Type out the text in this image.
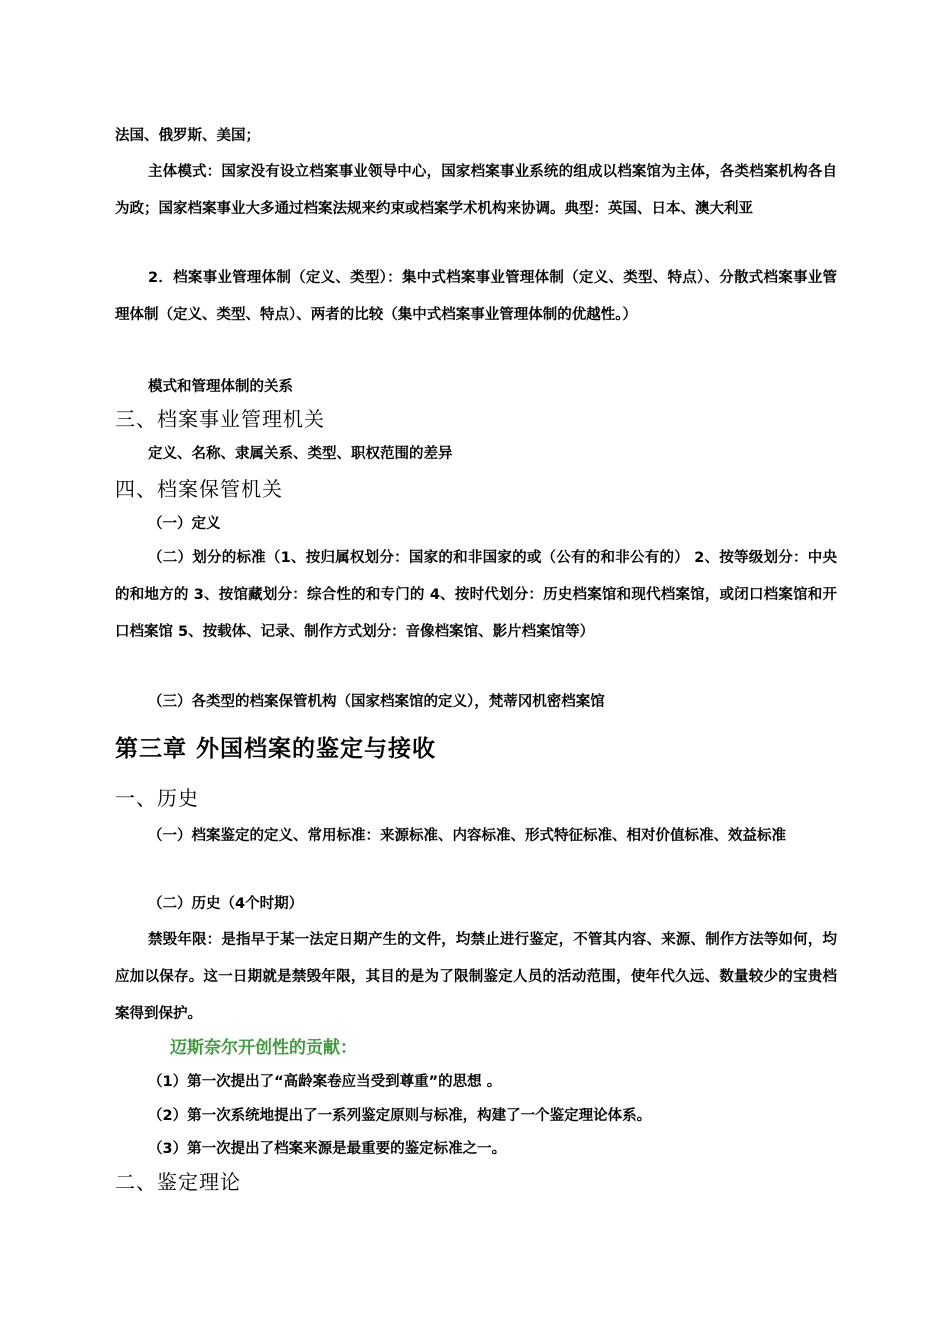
法国、俄罗斯、美国；

主体模式：国家没有设立档案事业领导中心，国家档案事业系统的组成以档案馆为主体，各类档案机构各自为政；国家档案事业大多通过档案法规来约束或档案学术机构来协调。典型：英国、日本、澳大利亚

2．档案事业管理体制（定义、类型）：集中式档案事业管理体制（定义、类型、特点）、分散式档案事业管理体制（定义、类型、特点）、两者的比较（集中式档案事业管理体制的优越性。）

模式和管理体制的关系

三、档案事业管理机关

定义、名称、隶属关系、类型、职权范围的差异

四、档案保管机关

（一）定义

（二）划分的标准（1、按归属权划分：国家的和非国家的或（公有的和非公有的） 2、按等级划分：中央的和地方的 3、按馆藏划分：综合性的和专门的 4、按时代划分：历史档案馆和现代档案馆，或闭口档案馆和开口档案馆 5、按载体、记录、制作方式划分：音像档案馆、影片档案馆等）

（三）各类型的档案保管机构（国家档案馆的定义），梵蒂冈机密档案馆

第三章 外国档案的鉴定与接收
一、历史

（一）档案鉴定的定义、常用标准：来源标准、内容标准、形式特征标准、相对价值标准、效益标准

（二）历史（4个时期）

禁毁年限：是指早于某一法定日期产生的文件，均禁止进行鉴定，不管其内容、来源、制作方法等如何，均应加以保存。这一日期就是禁毁年限，其目的是为了限制鉴定人员的活动范围，使年代久远、数量较少的宝贵档案得到保护。

迈斯奈尔开创性的贡献：

（1）第一次提出了“高龄案卷应当受到尊重”的思想 。

（2）第一次系统地提出了一系列鉴定原则与标准，构建了一个鉴定理论体系。

（3）第一次提出了档案来源是最重要的鉴定标准之一。

二、鉴定理论
